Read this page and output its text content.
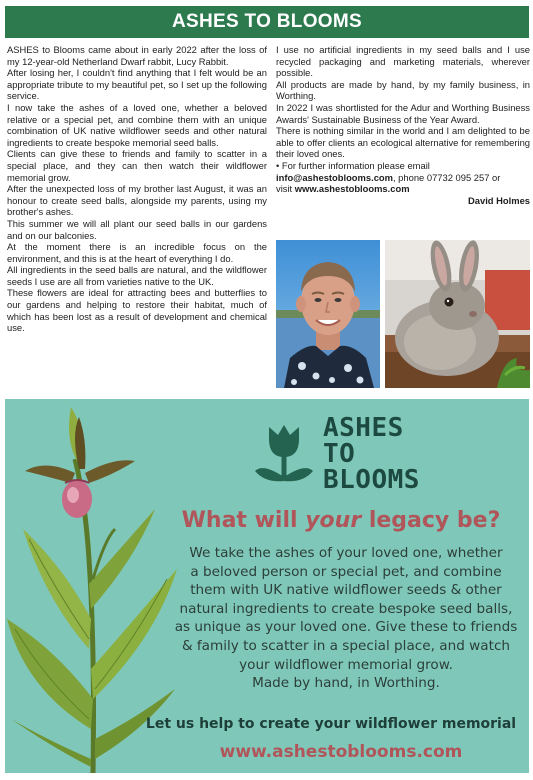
ASHES TO BLOOMS

ASHES to Blooms came about in early 2022 after the loss of my 12-year-old Netherland Dwarf rabbit, Lucy Rabbit.

After losing her, I couldn't find anything that I felt would be an appropriate tribute to my beautiful pet, so I set up the following service.

I now take the ashes of a loved one, whether a beloved relative or a special pet, and combine them with an unique combination of UK native wildflower seeds and other natural ingredients to create bespoke memorial seed balls.

Clients can give these to friends and family to scatter in a special place, and they can then watch their wildflower memorial grow.

After the unexpected loss of my brother last August, it was an honour to create seed balls, alongside my parents, using my brother's ashes.

This summer we will all plant our seed balls in our gardens and on our balconies.

At the moment there is an incredible focus on the environment, and this is at the heart of everything I do.

All ingredients in the seed balls are natural, and the wildflower seeds I use are all from varieties native to the UK.

These flowers are ideal for attracting bees and butterflies to our gardens and helping to restore their habitat, much of which has been lost as a result of development and chemical use.

I use no artificial ingredients in my seed balls and I use recycled packaging and marketing materials, wherever possible.

All products are made by hand, by my family business, in Worthing.

In 2022 I was shortlisted for the Adur and Worthing Business Awards' Sustainable Business of the Year Award.

There is nothing similar in the world and I am delighted to be able to offer clients an ecological alternative for remembering their loved ones.

• For further information please email
info@ashestoblooms.com, phone 07732 095 257 or
visit www.ashestoblooms.com

David Holmes

ASHES
TO
BLOOMS
What will your legacy be?
We take the ashes of your loved one, whether
a beloved person or special pet, and combine
them with UK native wildflower seeds & other
natural ingredients to create bespoke seed balls,
as unique as your loved one. Give these to friends
& family to scatter in a special place, and watch
your wildflower memorial grow.
Made by hand, in Worthing.
Let us help to create your wildflower memorial
www.ashestoblooms.com
